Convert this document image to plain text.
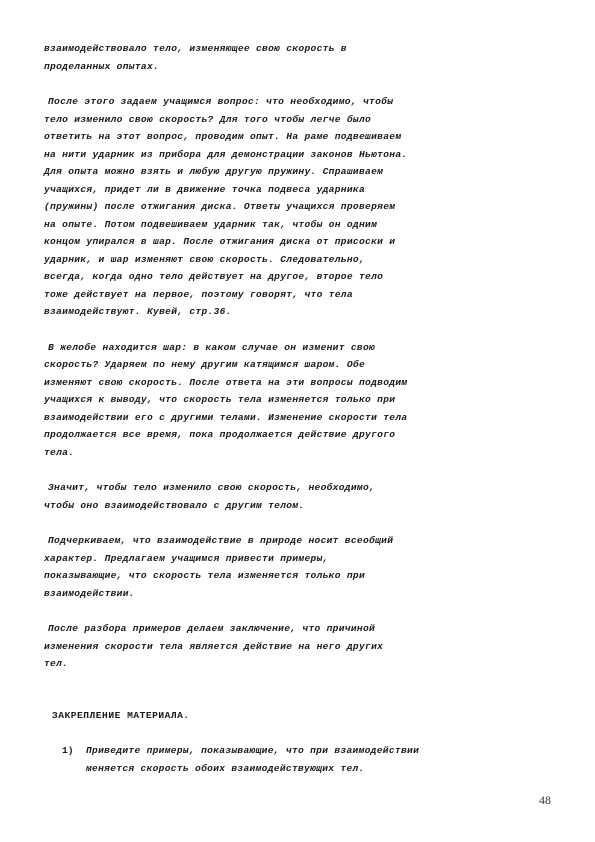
взаимодействовало тело, изменяющее свою скорость в
проделанных опытах.

После этого задаем учащимся вопрос: что необходимо, чтобы
тело изменило свою скорость? Для того чтобы легче было
ответить на этот вопрос, проводим опыт. На раме подвешиваем
на нити ударник из прибора для демонстрации законов Ньютона.
Для опыта можно взять и любую другую пружину. Спрашиваем
учащихся, придет ли в движение точка подвеса ударника
(пружины) после отжигания диска. Ответы учащихся проверяем
на опыте. Потом подвешиваем ударник так, чтобы он одним
концом упирался в шар. После отжигания диска от присоски и
ударник, и шар изменяют свою скорость. Следовательно,
всегда, когда одно тело действует на другое, второе тело
тоже действует на первое, поэтому говорят, что тела
взаимодействуют. Кувей, стр.36.

В желобе находится шар: в каком случае он изменит свою
скорость? Ударяем по нему другим катящимся шаром. Обе
изменяют свою скорость. После ответа на эти вопросы подводим
учащихся к выводу, что скорость тела изменяется только при
взаимодействии его с другими телами. Изменение скорости тела
продолжается все время, пока продолжается действие другого
тела.

Значит, чтобы тело изменило свою скорость, необходимо,
чтобы оно взаимодействовало с другим телом.

Подчеркиваем, что взаимодействие в природе носит всеобщий
характер. Предлагаем учащимся привести примеры,
показывающие, что скорость тела изменяется только при
взаимодействии.

После разбора примеров делаем заключение, что причиной
изменения скорости тела является действие на него других
тел.

ЗАКРЕПЛЕНИЕ МАТЕРИАЛА.
1)	Приведите примеры, показывающие, что при взаимодействии
меняется скорость обоих взаимодействующих тел.
48
